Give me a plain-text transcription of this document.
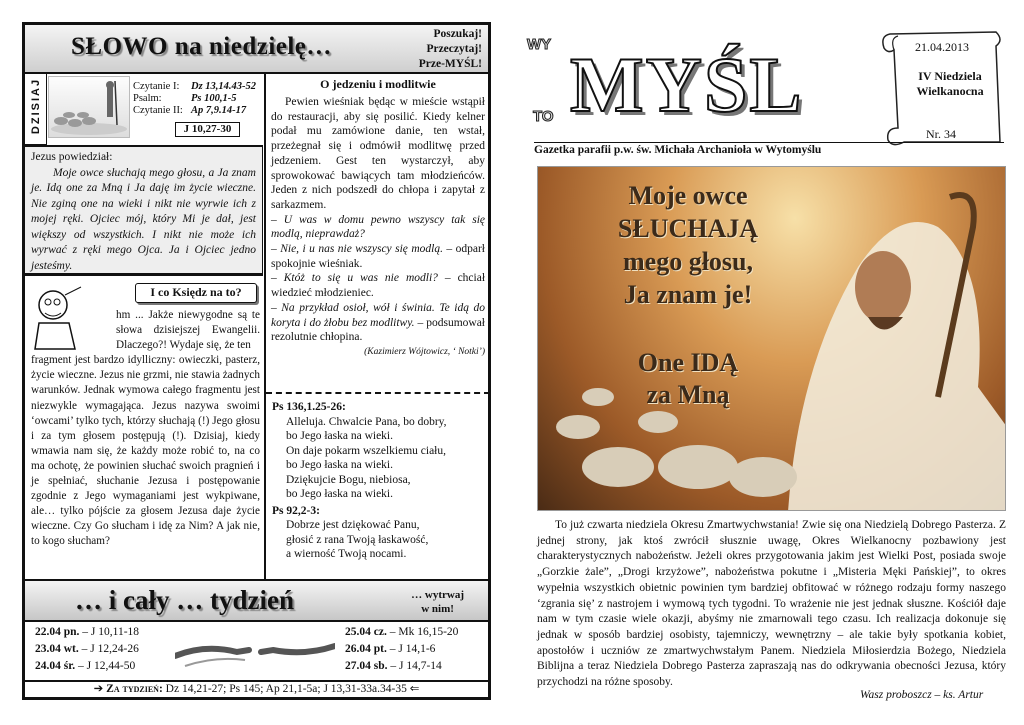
SŁOWO na niedzielę…	Poszukaj!
Przeczytaj!
Prze-MYŚL!
DZISIAJ	Czytanie I:	Dz 13,14.43-52
Psalm:	Ps 100,1-5
Czytanie II: Ap 7,9.14-17
J 10,27-30
Jezus powiedział:
Moje owce słuchają mego głosu, a Ja znam je. Idą one za Mną i Ja daję im życie wieczne. Nie zginą one na wieki i nikt nie wyrwie ich z mojej ręki. Ojciec mój, który Mi je dał, jest większy od wszystkich. I nikt nie może ich wyrwać z ręki mego Ojca. Ja i Ojciec jedno jesteśmy.
I co Księdz na to?
hm ... Jakże niewygodne są te słowa dzisiejszej Ewangelii. Dlaczego?! Wydaje się, że ten
fragment jest bardzo idylliczny: owieczki, pasterz, życie wieczne. Jezus nie grzmi, nie stawia żadnych warunków. Jednak wymowa całego fragmentu jest niezwykle wymagająca. Jezus nazywa swoimi ‘owcami’ tylko tych, którzy słuchają (!) Jego głosu i za tym głosem postępują (!). Dzisiaj, kiedy wmawia nam się, że każdy może robić to, na co ma ochotę, że powinien słuchać swoich pragnień i je spełniać, słuchanie Jezusa i postępowanie zgodnie z Jego wymaganiami jest wykpiwane, ale… tylko pójście za głosem Jezusa daje życie wieczne. Czy Go słucham i idę za Nim? A jak nie, to kogo słucham?
O jedzeniu i modlitwie

Pewien wieśniak będąc w mieście wstąpił do restauracji, aby się posilić. Kiedy kelner podał mu zamówione danie, ten wstał, przeżegnał się i odmówił modlitwę przed jedzeniem. Gest ten wystarczył, aby sprowokować bawiących tam młodzieńców. Jeden z nich podszedł do chłopa i zapytał z sarkazmem.

– U was w domu pewno wszyscy tak się modlą, nieprawdaż?

– Nie, i u nas nie wszyscy się modlą. – odparł spokojnie wieśniak.

– Któż to się u was nie modli? – chciał wiedzieć młodzieniec.

– Na przykład osioł, wół i świnia. Te idą do koryta i do żłobu bez modlitwy. – podsumował rezolutnie chłopina.

(Kazimierz Wójtowicz, ‘ Notki’)

Ps 136,1.25-26:
Alleluja. Chwalcie Pana, bo dobry,
bo Jego łaska na wieki.
On daje pokarm wszelkiemu ciału,
bo Jego łaska na wieki.
Dziękujcie Bogu, niebiosa,
bo Jego łaska na wieki.
Ps 92,2-3:
Dobrze jest dziękować Panu,
głosić z rana Twoją łaskawość,
a wierność Twoją nocami.
… i cały … tydzień	… wytrwaj
w nim!
22.04 pn. – J 10,11-18
23.04 wt. – J 12,24-26
24.04 śr. – J 12,44-50
25.04 cz. – Mk 16,15-20
26.04 pt. – J 14,1-6
27.04 sb. – J 14,7-14
➔ Za tydzień: Dz 14,21-27; Ps 145; Ap 21,1-5a; J 13,31-33a.34-35 ⇐
WY MYŚL
TO
21.04.2013
IV Niedziela Wielkanocna
Nr. 34
Gazetka parafii p.w. św. Michała Archanioła w Wytomyślu
Moje owce
SŁUCHAJĄ
mego głosu,
Ja znam je!
One IDĄ
za Mną
To już czwarta niedziela Okresu Zmartwychwstania! Zwie się ona Niedzielą Dobrego Pasterza. Z jednej strony, jak ktoś zwrócił słusznie uwagę, Okres Wielkanocny pozbawiony jest charakterystycznych nabożeństw. Jeżeli okres przygotowania jakim jest Wielki Post, posiada swoje „Gorzkie żale”, „Drogi krzyżowe”, nabożeństwa pokutne i „Misteria Męki Pańskiej”, to okres wypełnia wszystkich obietnic powinien tym bardziej obfitować w różnego rodzaju formy naszego ‘zgrania się’ z nastrojem i wymową tych tygodni. To wrażenie nie jest jednak słuszne. Kościół daje nam w tym czasie wiele okazji, abyśmy nie zmarnowali tego czasu. Ich realizacja dokonuje się jednak w sposób bardziej osobisty, tajemniczy, wewnętrzny – ale takie były spotkania kobiet, apostołów i uczniów ze zmartwychwstałym Panem. Niedziela Miłosierdzia Bożego, Niedziela Biblijna a teraz Niedziela Dobrego Pasterza zapraszają nas do odkrywania obecności Jezusa, który przychodzi na różne sposoby.
Wasz proboszcz – ks. Artur
